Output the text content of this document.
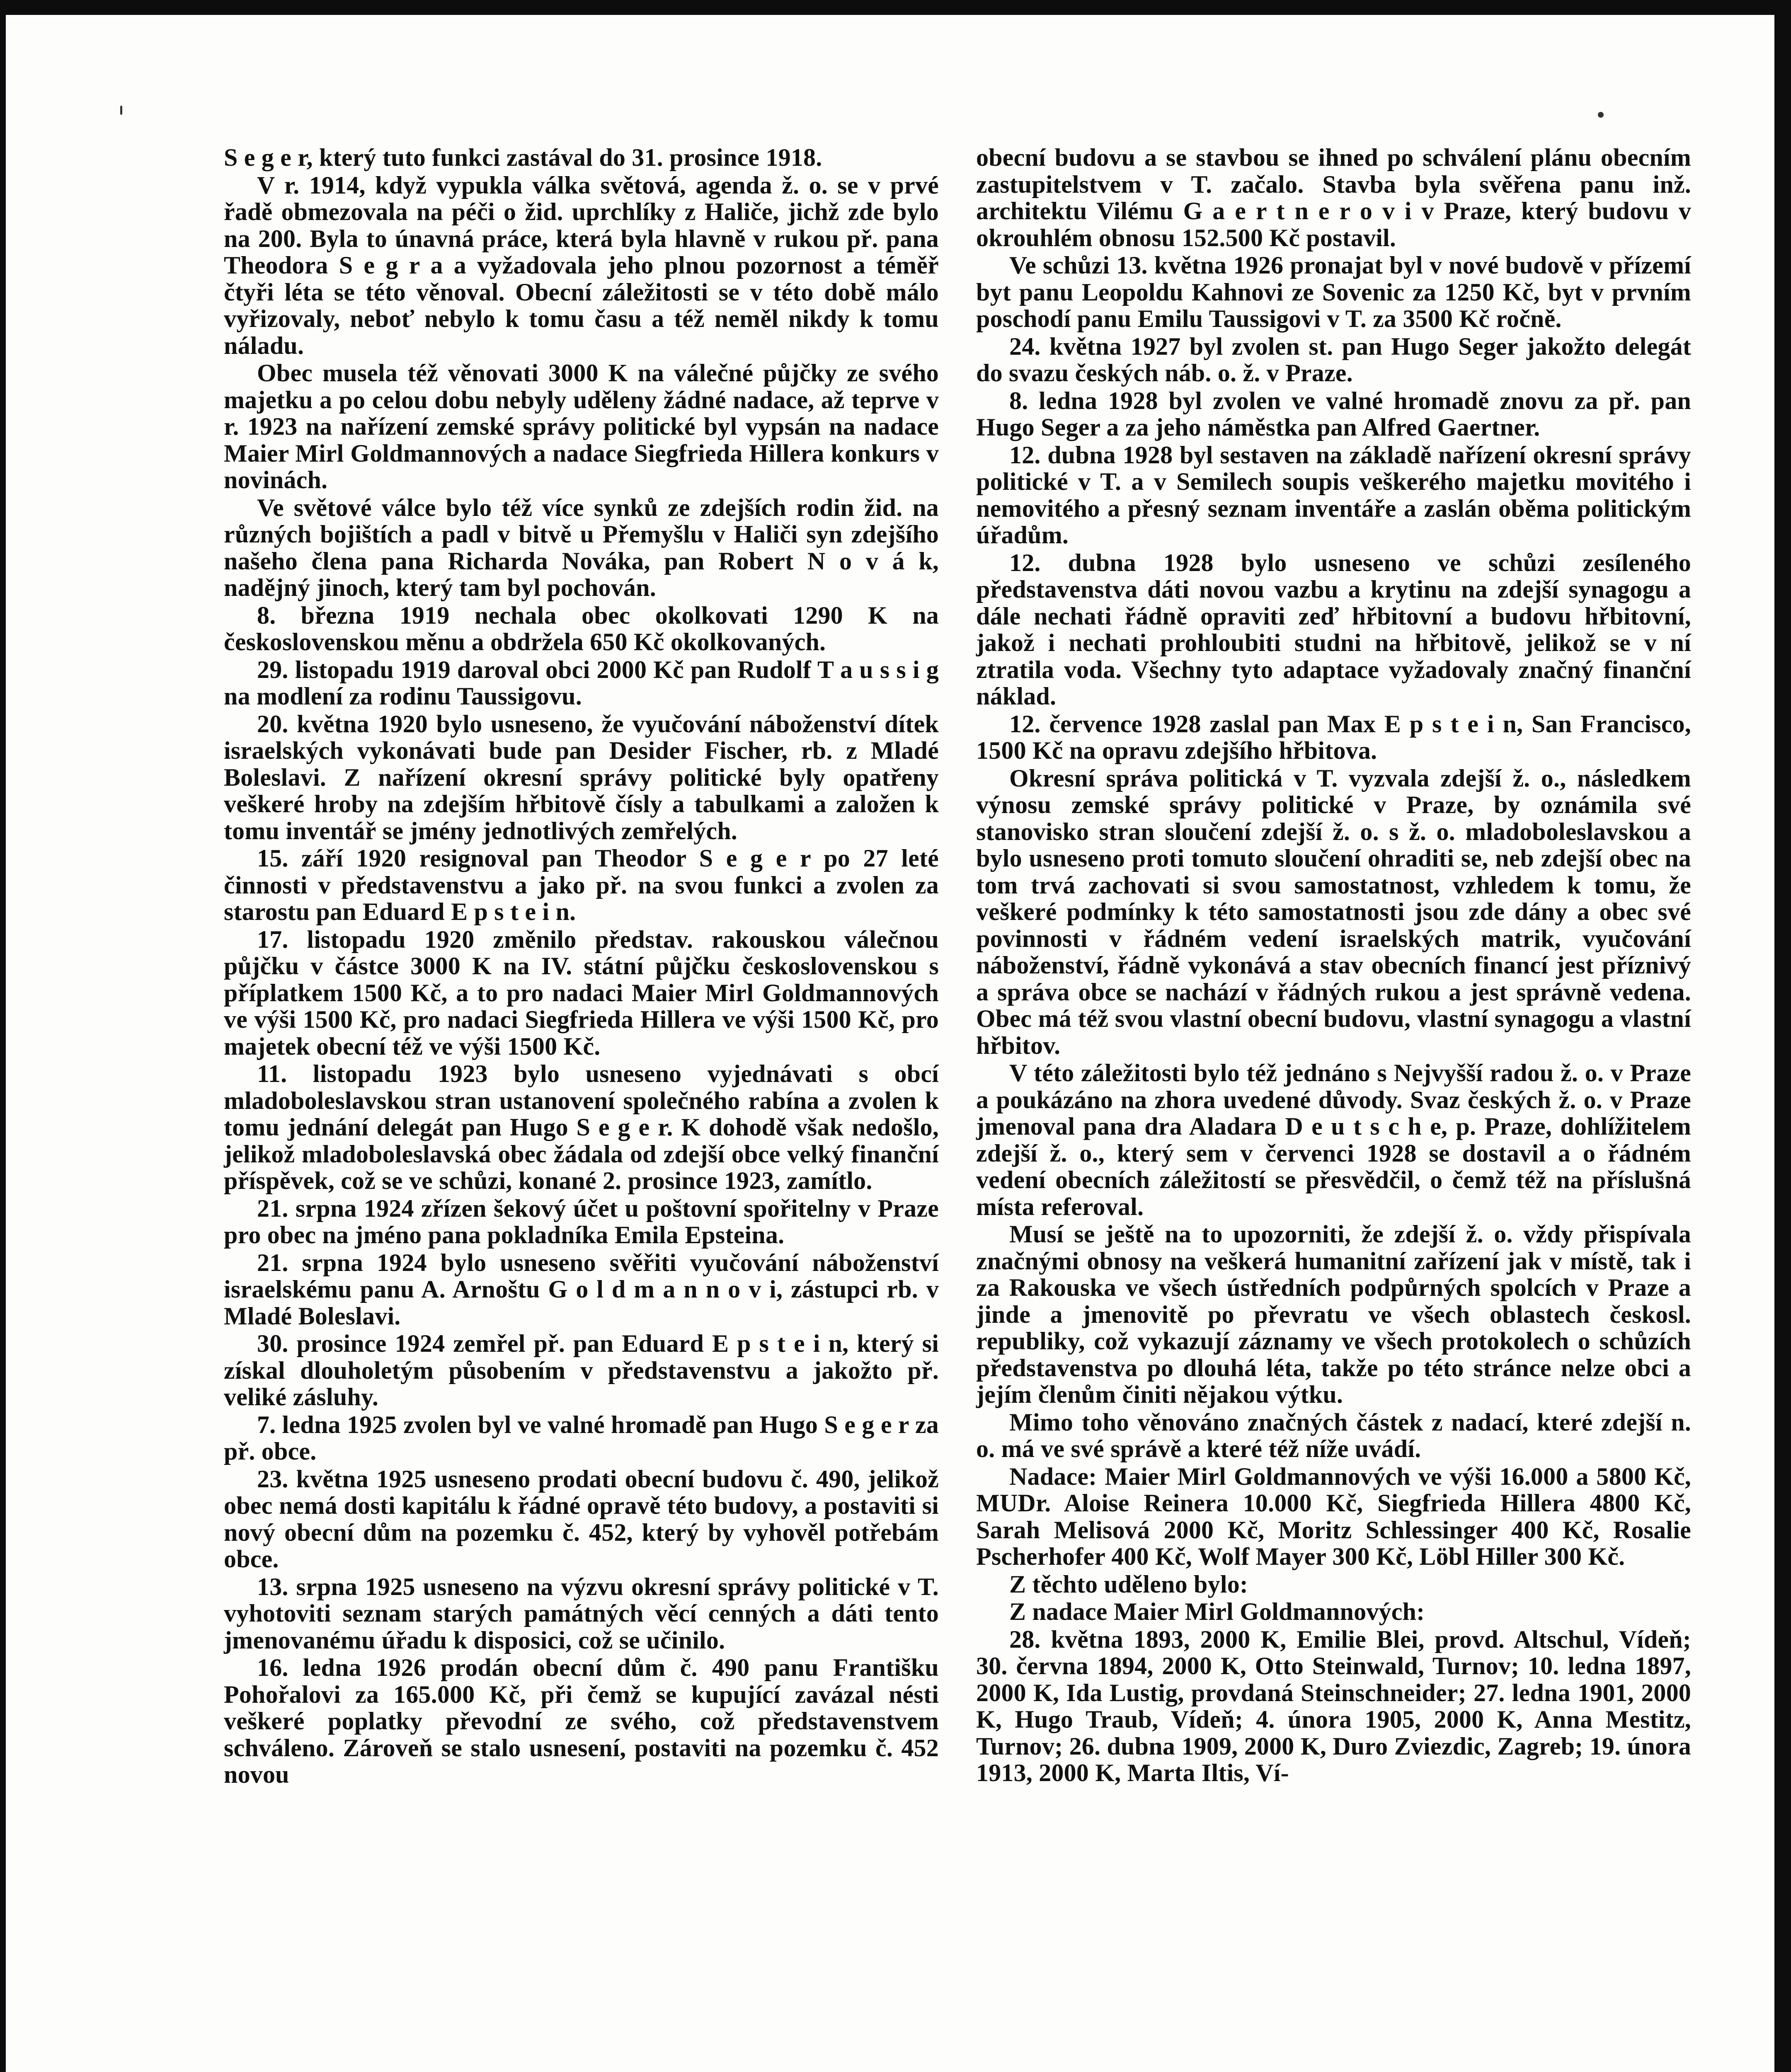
S e g e r, který tuto funkci zastával do 31. prosince 1918.

V r. 1914, když vypukla válka světová, agenda ž. o. se v prvé řadě obmezovala na péči o žid. uprchlíky z Haliče, jichž zde bylo na 200. Byla to únavná práce, která byla hlavně v rukou př. pana Theodora S e g r a a vyžadovala jeho plnou pozornost a téměř čtyři léta se této věnoval. Obecní záležitosti se v této době málo vyřizovaly, neboť nebylo k tomu času a též neměl nikdy k tomu náladu.

Obec musela též věnovati 3000 K na válečné půjčky ze svého majetku a po celou dobu nebyly uděleny žádné nadace, až teprve v r. 1923 na nařízení zemské správy politické byl vypsán na nadace Maier Mirl Goldmannových a nadace Siegfrieda Hillera konkurs v novinách.

Ve světové válce bylo též více synků ze zdejších rodin žid. na různých bojištích a padl v bitvě u Přemyšlu v Haliči syn zdejšího našeho člena pana Richarda Nováka, pan Robert N o v á k, nadějný jinoch, který tam byl pochován.

8. března 1919 nechala obec okolkovati 1290 K na československou měnu a obdržela 650 Kč okolkovaných.

29. listopadu 1919 daroval obci 2000 Kč pan Rudolf T a u s s i g na modlení za rodinu Taussigovu.

20. května 1920 bylo usneseno, že vyučování náboženství dítek israelských vykonávati bude pan Desider Fischer, rb. z Mladé Boleslavi. Z nařízení okresní správy politické byly opatřeny veškeré hroby na zdejším hřbitově čísly a tabulkami a založen k tomu inventář se jmény jednotlivých zemřelých.

15. září 1920 resignoval pan Theodor S e g e r po 27 leté činnosti v představenstvu a jako př. na svou funkci a zvolen za starostu pan Eduard E p s t e i n.

17. listopadu 1920 změnilo představ. rakouskou válečnou půjčku v částce 3000 K na IV. státní půjčku československou s příplatkem 1500 Kč, a to pro nadaci Maier Mirl Goldmannových ve výši 1500 Kč, pro nadaci Siegfrieda Hillera ve výši 1500 Kč, pro majetek obecní též ve výši 1500 Kč.

11. listopadu 1923 bylo usneseno vyjednávati s obcí mladoboleslavskou stran ustanovení společného rabína a zvolen k tomu jednání delegát pan Hugo S e g e r. K dohodě však nedošlo, jelikož mladoboleslavská obec žádala od zdejší obce velký finanční příspěvek, což se ve schůzi, konané 2. prosince 1923, zamítlo.

21. srpna 1924 zřízen šekový účet u poštovní spořitelny v Praze pro obec na jméno pana pokladníka Emila Epsteina.

21. srpna 1924 bylo usneseno svěřiti vyučování náboženství israelskému panu A. Arnoštu G o l d m a n n o v i, zástupci rb. v Mladé Boleslavi.

30. prosince 1924 zemřel př. pan Eduard E p s t e i n, který si získal dlouholetým působením v představenstvu a jakožto př. veliké zásluhy.

7. ledna 1925 zvolen byl ve valné hromadě pan Hugo S e g e r za př. obce.

23. května 1925 usneseno prodati obecní budovu č. 490, jelikož obec nemá dosti kapitálu k řádné opravě této budovy, a postaviti si nový obecní dům na pozemku č. 452, který by vyhověl potřebám obce.

13. srpna 1925 usneseno na výzvu okresní správy politické v T. vyhotoviti seznam starých památných věcí cenných a dáti tento jmenovanému úřadu k disposici, což se učinilo.

16. ledna 1926 prodán obecní dům č. 490 panu Františku Pohořalovi za 165.000 Kč, při čemž se kupující zavázal nésti veškeré poplatky převodní ze svého, což představenstvem schváleno. Zároveň se stalo usnesení, postaviti na pozemku č. 452 novou

obecní budovu a se stavbou se ihned po schválení plánu obecním zastupitelstvem v T. začalo. Stavba byla svěřena panu inž. architektu Vilému G a e r t n e r o v i v Praze, který budovu v okrouhlém obnosu 152.500 Kč postavil.

Ve schůzi 13. května 1926 pronajat byl v nové budově v přízemí byt panu Leopoldu Kahnovi ze Sovenic za 1250 Kč, byt v prvním poschodí panu Emilu Taussigovi v T. za 3500 Kč ročně.

24. května 1927 byl zvolen st. pan Hugo Seger jakožto delegát do svazu českých náb. o. ž. v Praze.

8. ledna 1928 byl zvolen ve valné hromadě znovu za př. pan Hugo Seger a za jeho náměstka pan Alfred Gaertner.

12. dubna 1928 byl sestaven na základě nařízení okresní správy politické v T. a v Semilech soupis veškerého majetku movitého i nemovitého a přesný seznam inventáře a zaslán oběma politickým úřadům.

12. dubna 1928 bylo usneseno ve schůzi zesíleného představenstva dáti novou vazbu a krytinu na zdejší synagogu a dále nechati řádně opraviti zeď hřbitovní a budovu hřbitovní, jakož i nechati prohloubiti studni na hřbitově, jelikož se v ní ztratila voda. Všechny tyto adaptace vyžadovaly značný finanční náklad.

12. července 1928 zaslal pan Max E p s t e i n, San Francisco, 1500 Kč na opravu zdejšího hřbitova.

Okresní správa politická v T. vyzvala zdejší ž. o., následkem výnosu zemské správy politické v Praze, by oznámila své stanovisko stran sloučení zdejší ž. o. s ž. o. mladoboleslavskou a bylo usneseno proti tomuto sloučení ohraditi se, neb zdejší obec na tom trvá zachovati si svou samostatnost, vzhledem k tomu, že veškeré podmínky k této samostatnosti jsou zde dány a obec své povinnosti v řádném vedení israelských matrik, vyučování náboženství, řádně vykonává a stav obecních financí jest příznivý a správa obce se nachází v řádných rukou a jest správně vedena. Obec má též svou vlastní obecní budovu, vlastní synagogu a vlastní hřbitov.

V této záležitosti bylo též jednáno s Nejvyšší radou ž. o. v Praze a poukázáno na zhora uvedené důvody. Svaz českých ž. o. v Praze jmenoval pana dra Aladara D e u t s c h e, p. Praze, dohlížitelem zdejší ž. o., který sem v červenci 1928 se dostavil a o řádném vedení obecních záležitostí se přesvědčil, o čemž též na příslušná místa referoval.

Musí se ještě na to upozorniti, že zdejší ž. o. vždy přispívala značnými obnosy na veškerá humanitní zařízení jak v místě, tak i za Rakouska ve všech ústředních podpůrných spolcích v Praze a jinde a jmenovitě po převratu ve všech oblastech českosl. republiky, což vykazují záznamy ve všech protokolech o schůzích představenstva po dlouhá léta, takže po této stránce nelze obci a jejím členům činiti nějakou výtku.

Mimo toho věnováno značných částek z nadací, které zdejší n. o. má ve své správě a které též níže uvádí.

Nadace: Maier Mirl Goldmannových ve výši 16.000 a 5800 Kč, MUDr. Aloise Reinera 10.000 Kč, Siegfrieda Hillera 4800 Kč, Sarah Melisová 2000 Kč, Moritz Schlessinger 400 Kč, Rosalie Pscherhofer 400 Kč, Wolf Mayer 300 Kč, Löbl Hiller 300 Kč.

Z těchto uděleno bylo:

Z nadace Maier Mirl Goldmannových:

28. května 1893, 2000 K, Emilie Blei, provd. Altschul, Vídeň; 30. června 1894, 2000 K, Otto Steinwald, Turnov; 10. ledna 1897, 2000 K, Ida Lustig, provdaná Steinschneider; 27. ledna 1901, 2000 K, Hugo Traub, Vídeň; 4. února 1905, 2000 K, Anna Mestitz, Turnov; 26. dubna 1909, 2000 K, Duro Zviezdic, Zagreb; 19. února 1913, 2000 K, Marta Iltis, Ví-
